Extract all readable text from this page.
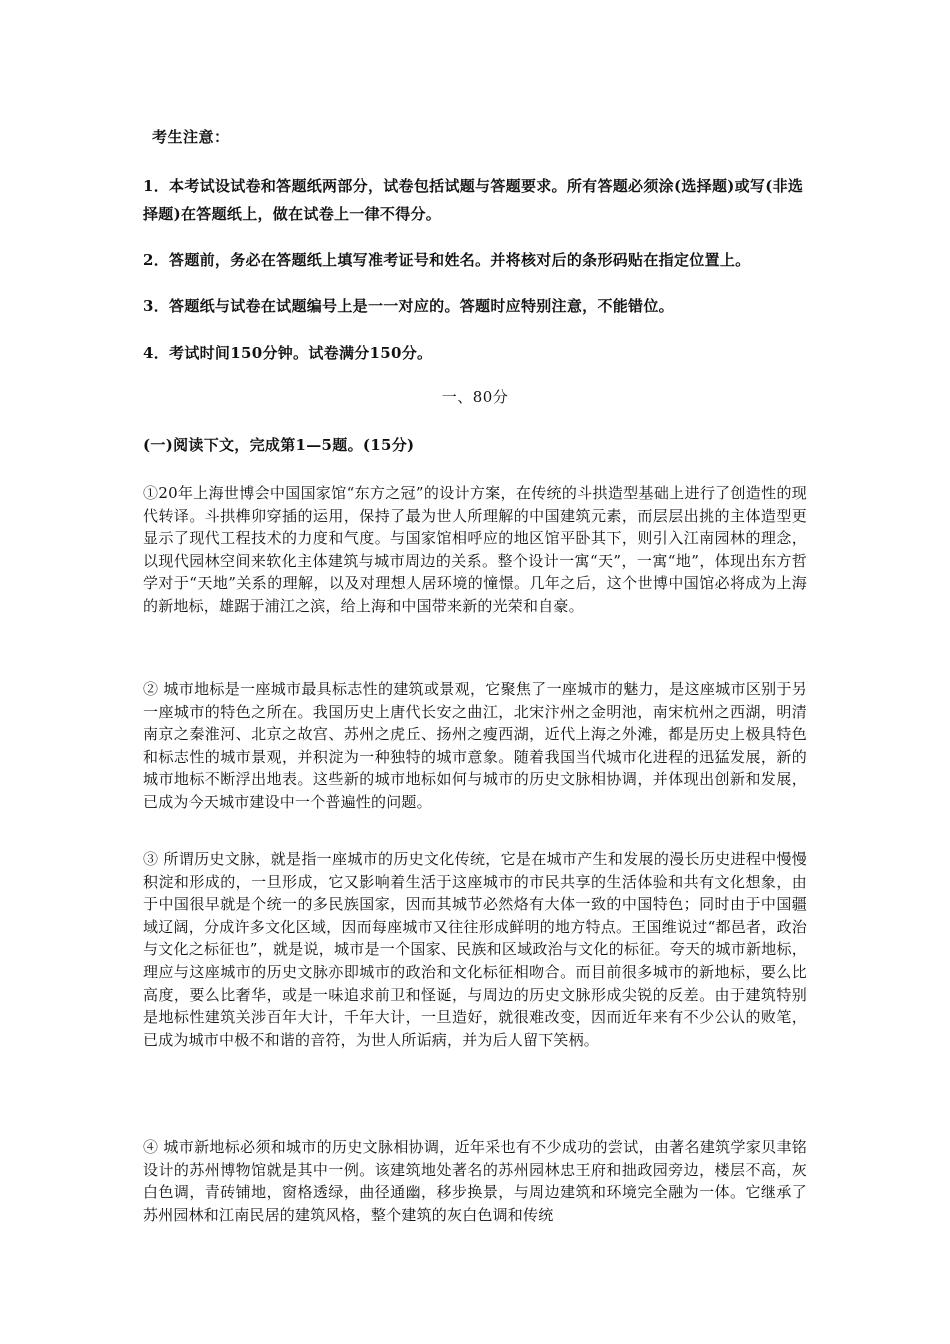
考生注意：
1．本考试设试卷和答题纸两部分，试卷包括试题与答题要求。所有答题必须涂(选择题)或写(非选择题)在答题纸上，做在试卷上一律不得分。
2．答题前，务必在答题纸上填写准考证号和姓名。并将核对后的条形码贴在指定位置上。
3．答题纸与试卷在试题编号上是一一对应的。答题时应特别注意，不能错位。
4．考试时间150分钟。试卷满分150分。
一、80分
(一)阅读下文，完成第1—5题。(15分)
①20年上海世博会中国国家馆“东方之冠”的设计方案，在传统的斗拱造型基础上进行了创造性的现代转译。斗拱榫卯穿插的运用，保持了最为世人所理解的中国建筑元素，而层层出挑的主体造型更显示了现代工程技术的力度和气度。与国家馆相呼应的地区馆平卧其下，则引入江南园林的理念，以现代园林空间来软化主体建筑与城市周边的关系。整个设计一寓“天”，一寓“地”，体现出东方哲学对于“天地”关系的理解，以及对理想人居环境的憧憬。几年之后，这个世博中国馆必将成为上海的新地标，雄踞于浦江之滨，给上海和中国带来新的光荣和自豪。
② 城市地标是一座城市最具标志性的建筑或景观，它聚焦了一座城市的魅力，是这座城市区别于另一座城市的特色之所在。我国历史上唐代长安之曲江，北宋汴州之金明池，南宋杭州之西湖，明清南京之秦淮河、北京之故宫、苏州之虎丘、扬州之瘦西湖，近代上海之外滩，都是历史上极具特色和标志性的城市景观，并积淀为一种独特的城市意象。随着我国当代城市化进程的迅猛发展，新的城市地标不断浮出地表。这些新的城市地标如何与城市的历史文脉相协调，并体现出创新和发展，已成为今天城市建设中一个普遍性的问题。
③ 所谓历史文脉，就是指一座城市的历史文化传统，它是在城市产生和发展的漫长历史进程中慢慢积淀和形成的，一旦形成，它又影响着生活于这座城市的市民共享的生活体验和共有文化想象，由于中国很早就是个统一的多民族国家，因而其城节必然烙有大体一致的中国特色；同时由于中国疆域辽阔，分成许多文化区域，因而每座城市又往往形成鲜明的地方特点。王国维说过“都邑者，政治与文化之标征也”，就是说，城市是一个国家、民族和区域政治与文化的标征。夸天的城市新地标，理应与这座城市的历史文脉亦即城市的政治和文化标征相吻合。而目前很多城市的新地标，要么比高度，要么比奢华，或是一味追求前卫和怪诞，与周边的历史文脉形成尖锐的反差。由于建筑特别是地标性建筑关涉百年大计，千年大计，一旦造好，就很难改变，因而近年来有不少公认的败笔，已成为城市中极不和谐的音符，为世人所诟病，并为后人留下笑柄。
④ 城市新地标必须和城市的历史文脉相协调，近年采也有不少成功的尝试，由著名建筑学家贝聿铭设计的苏州博物馆就是其中一例。该建筑地处著名的苏州园林忠王府和拙政园旁边，楼层不高，灰白色调，青砖铺地，窗格透绿，曲径通幽，移步换景，与周边建筑和环境完全融为一体。它继承了苏州园林和江南民居的建筑风格，整个建筑的灰白色调和传统
